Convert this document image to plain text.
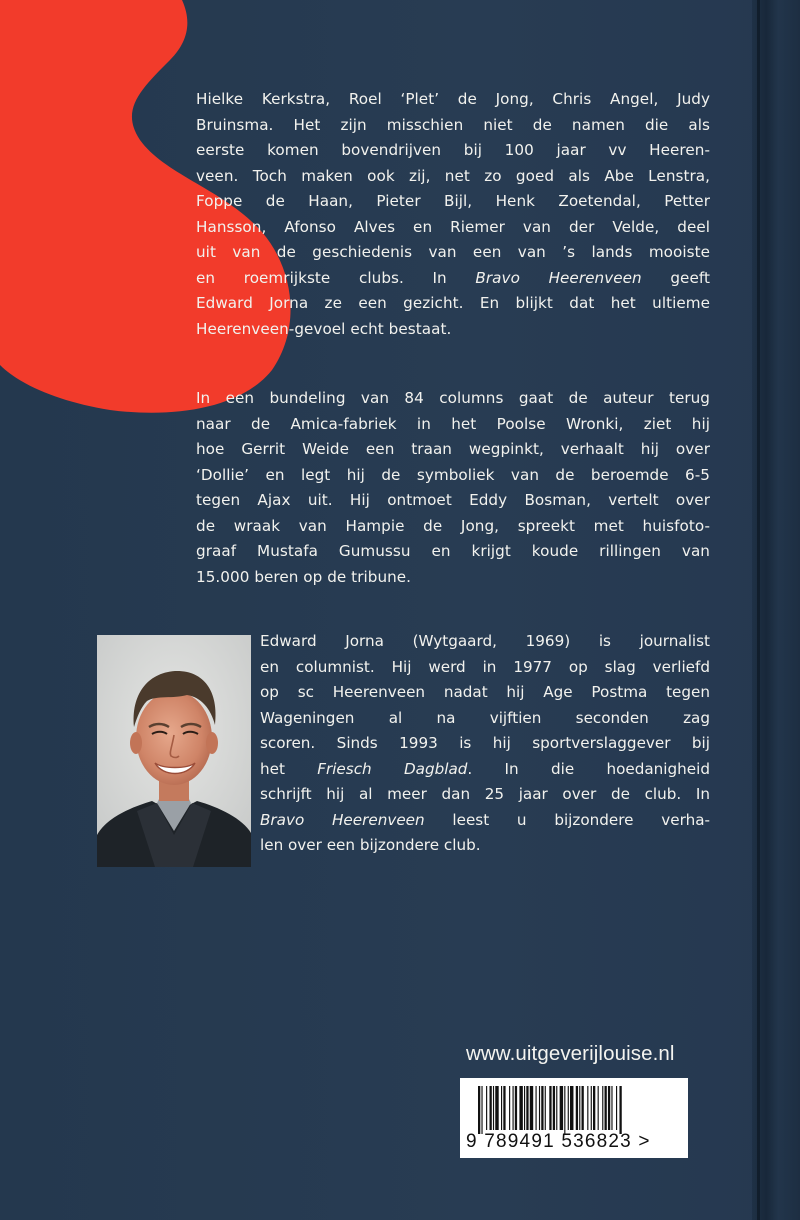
Hielke Kerkstra, Roel ‘Plet’ de Jong, Chris Angel, Judy
Bruinsma. Het zijn misschien niet de namen die als
eerste komen bovendrijven bij 100 jaar vv Heeren-
veen. Toch maken ook zij, net zo goed als Abe Lenstra,
Foppe de Haan, Pieter Bijl, Henk Zoetendal, Petter
Hansson, Afonso Alves en Riemer van der Velde, deel
uit van de geschiedenis van een van ’s lands mooiste
en roemrijkste clubs. In Bravo Heerenveen geeft
Edward Jorna ze een gezicht. En blijkt dat het ultieme
Heerenveen-gevoel echt bestaat.
In een bundeling van 84 columns gaat de auteur terug
naar de Amica-fabriek in het Poolse Wronki, ziet hij
hoe Gerrit Weide een traan wegpinkt, verhaalt hij over
‘Dollie’ en legt hij de symboliek van de beroemde 6-5
tegen Ajax uit. Hij ontmoet Eddy Bosman, vertelt over
de wraak van Hampie de Jong, spreekt met huisfoto-
graaf Mustafa Gumussu en krijgt koude rillingen van
15.000 beren op de tribune.
Edward Jorna (Wytgaard, 1969) is journalist
en columnist. Hij werd in 1977 op slag verliefd
op sc Heerenveen nadat hij Age Postma tegen
Wageningen al na vijftien seconden zag
scoren. Sinds 1993 is hij sportverslaggever bij
het Friesch Dagblad. In die hoedanigheid
schrijft hij al meer dan 25 jaar over de club. In
Bravo Heerenveen leest u bijzondere verha-
len over een bijzondere club.
www.uitgeverijlouise.nl
9 789491 536823 >
